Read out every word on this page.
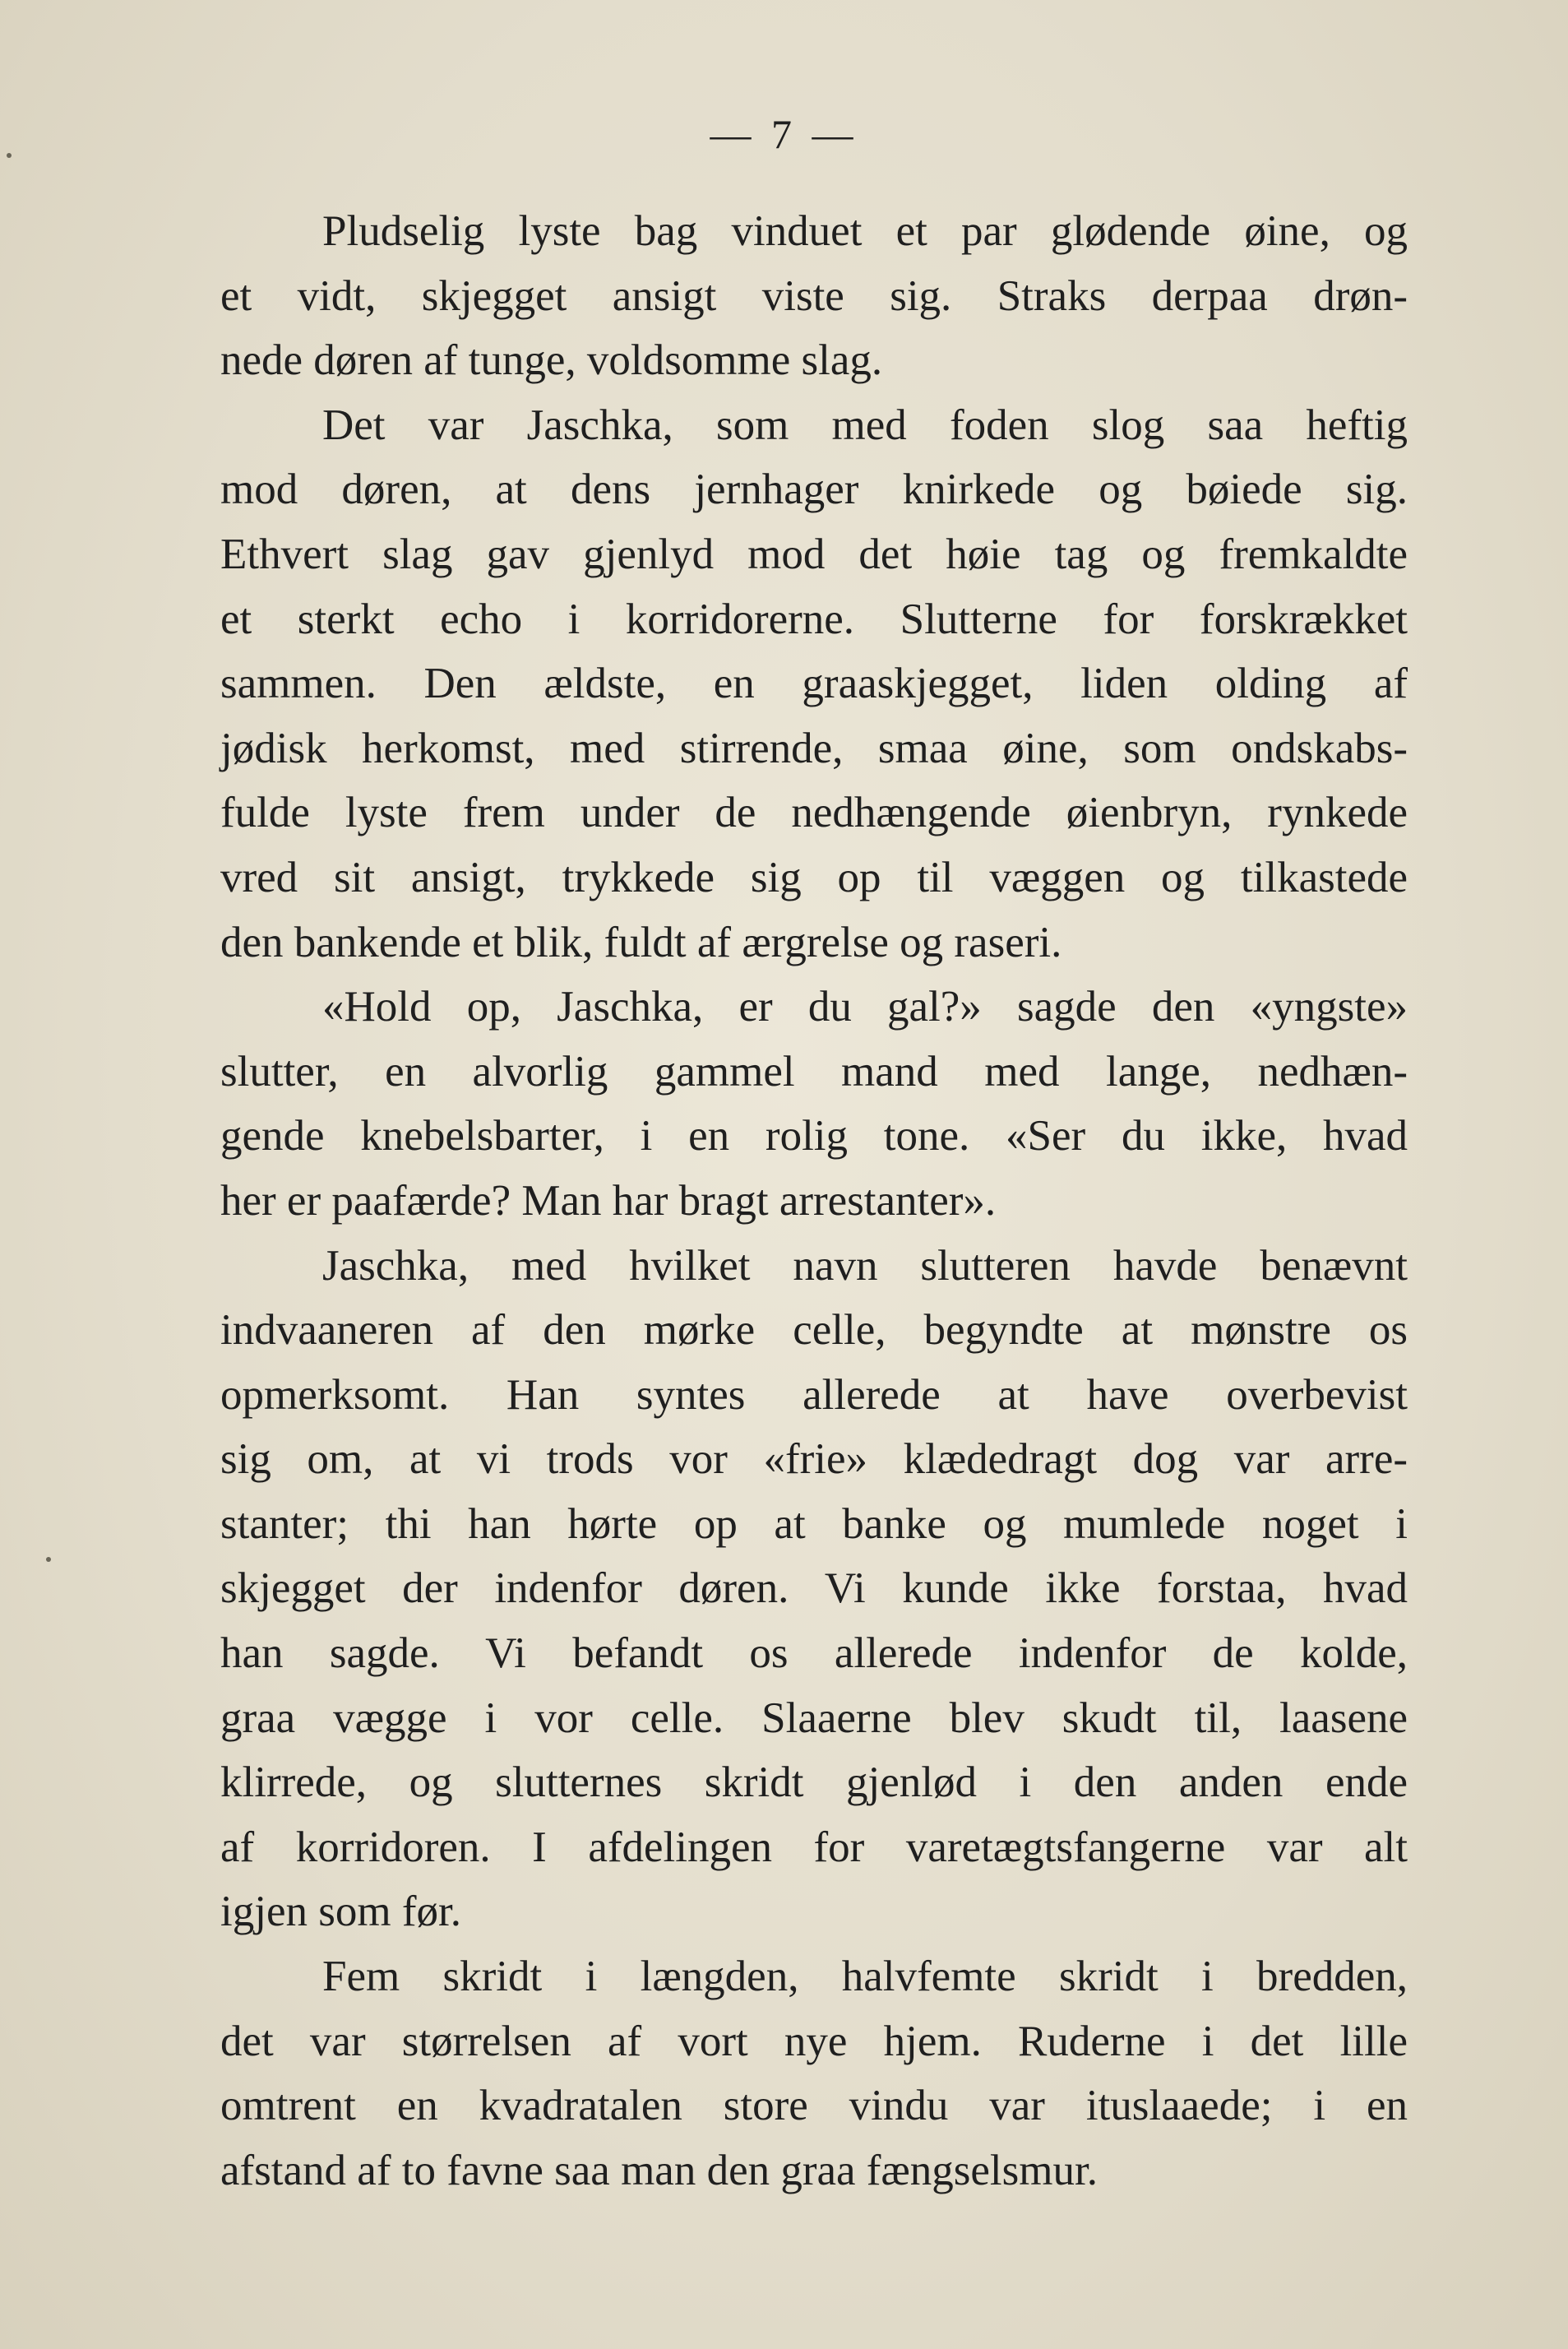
— 7 —
Pludselig lyste bag vinduet et par glødende øine, og
et vidt, skjegget ansigt viste sig. Straks derpaa drøn-
nede døren af tunge, voldsomme slag.
Det var Jaschka, som med foden slog saa heftig
mod døren, at dens jernhager knirkede og bøiede sig.
Ethvert slag gav gjenlyd mod det høie tag og fremkaldte
et sterkt echo i korridorerne. Slutterne for forskrækket
sammen. Den ældste, en graaskjegget, liden olding af
jødisk herkomst, med stirrende, smaa øine, som ondskabs-
fulde lyste frem under de nedhængende øienbryn, rynkede
vred sit ansigt, trykkede sig op til væggen og tilkastede
den bankende et blik, fuldt af ærgrelse og raseri.
«Hold op, Jaschka, er du gal?» sagde den «yngste»
slutter, en alvorlig gammel mand med lange, nedhæn-
gende knebelsbarter, i en rolig tone. «Ser du ikke, hvad
her er paafærde? Man har bragt arrestanter».
Jaschka, med hvilket navn slutteren havde benævnt
indvaaneren af den mørke celle, begyndte at mønstre os
opmerksomt. Han syntes allerede at have overbevist
sig om, at vi trods vor «frie» klædedragt dog var arre-
stanter; thi han hørte op at banke og mumlede noget i
skjegget der indenfor døren. Vi kunde ikke forstaa, hvad
han sagde. Vi befandt os allerede indenfor de kolde,
graa vægge i vor celle. Slaaerne blev skudt til, laasene
klirrede, og slutternes skridt gjenlød i den anden ende
af korridoren. I afdelingen for varetægtsfangerne var alt
igjen som før.
Fem skridt i længden, halvfemte skridt i bredden,
det var størrelsen af vort nye hjem. Ruderne i det lille
omtrent en kvadratalen store vindu var ituslaaede; i en
afstand af to favne saa man den graa fængselsmur.
